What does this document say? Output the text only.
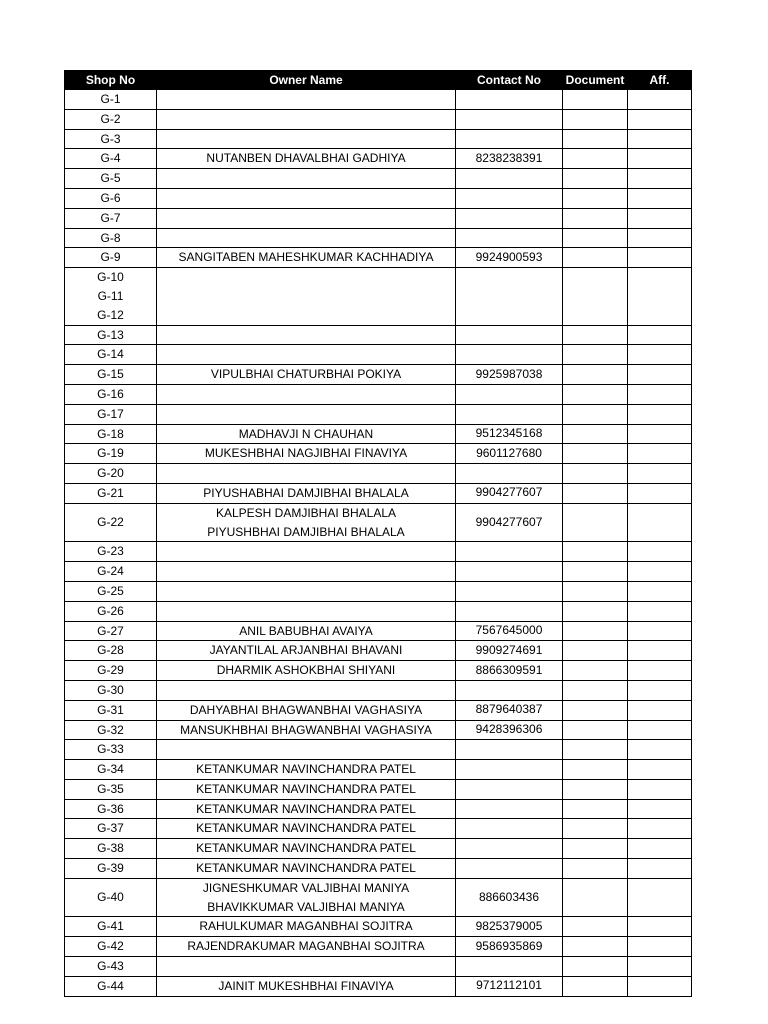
Shop No	Owner Name	Contact No	Document	Aff.

G-1				

G-2				

G-3				

G-4	NUTANBEN DHAVALBHAI GADHIYA	8238238391		

G-5				

G-6				

G-7				

G-8				

G-9	SANGITABEN MAHESHKUMAR KACHHADIYA	9924900593		

G-10
G-11
G-12				

G-13				

G-14				

G-15	VIPULBHAI CHATURBHAI POKIYA	9925987038		

G-16				

G-17				

G-18	MADHAVJI N CHAUHAN	9512345168		

G-19	MUKESHBHAI NAGJIBHAI FINAVIYA	9601127680		

G-20				

G-21	PIYUSHABHAI DAMJIBHAI BHALALA	9904277607		

G-22	KALPESH DAMJIBHAI BHALALA
PIYUSHBHAI DAMJIBHAI BHALALA	9904277607		

G-23				

G-24				

G-25				

G-26				

G-27	ANIL BABUBHAI AVAIYA	7567645000		

G-28	JAYANTILAL ARJANBHAI BHAVANI	9909274691		

G-29	DHARMIK ASHOKBHAI SHIYANI	8866309591		

G-30				

G-31	DAHYABHAI BHAGWANBHAI VAGHASIYA	8879640387		

G-32	MANSUKHBHAI BHAGWANBHAI VAGHASIYA	9428396306		

G-33				

G-34	KETANKUMAR NAVINCHANDRA PATEL			

G-35	KETANKUMAR NAVINCHANDRA PATEL			

G-36	KETANKUMAR NAVINCHANDRA PATEL			

G-37	KETANKUMAR NAVINCHANDRA PATEL			

G-38	KETANKUMAR NAVINCHANDRA PATEL			

G-39	KETANKUMAR NAVINCHANDRA PATEL			

G-40	JIGNESHKUMAR VALJIBHAI MANIYA
BHAVIKKUMAR VALJIBHAI MANIYA	886603436		

G-41	RAHULKUMAR MAGANBHAI SOJITRA	9825379005		

G-42	RAJENDRAKUMAR MAGANBHAI SOJITRA	9586935869		

G-43				

G-44	JAINIT MUKESHBHAI FINAVIYA	9712112101		
